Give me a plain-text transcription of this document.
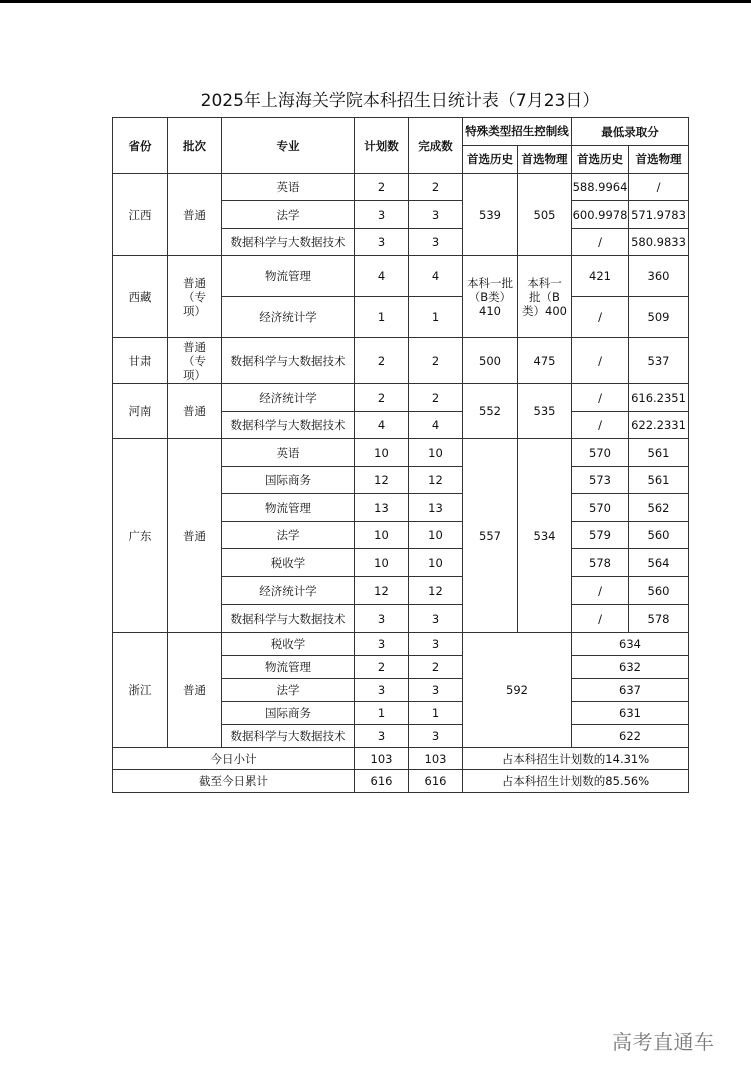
2025年上海海关学院本科招生日统计表（7月23日）
省份	批次	专业	计划数	完成数	特殊类型招生控制线		最低录取分	
					首选历史	首选物理	首选历史	首选物理
江西	普通	英语	2	2	539	505	588.9964	/
		法学	3	3			600.9978	571.9783
		数据科学与大数据技术	3	3			/	580.9833
西藏	普通（专项）	物流管理	4	4	本科一批（B类）410	本科一批（B类）400	421	360
		经济统计学	1	1			/	509
甘肃	普通（专项）	数据科学与大数据技术	2	2	500	475	/	537
河南	普通	经济统计学	2	2	552	535	/	616.2351
		数据科学与大数据技术	4	4			/	622.2331
广东	普通	英语	10	10	557	534	570	561
		国际商务	12	12			573	561
		物流管理	13	13			570	562
		法学	10	10			579	560
		税收学	10	10			578	564
		经济统计学	12	12			/	560
		数据科学与大数据技术	3	3			/	578
浙江	普通	税收学	3	3	592		634	
		物流管理	2	2			632	
		法学	3	3			637	
		国际商务	1	1			631	
		数据科学与大数据技术	3	3			622	
今日小计			103	103	占本科招生计划数的14.31%			
截至今日累计			616	616	占本科招生计划数的85.56%			
高考直通车
